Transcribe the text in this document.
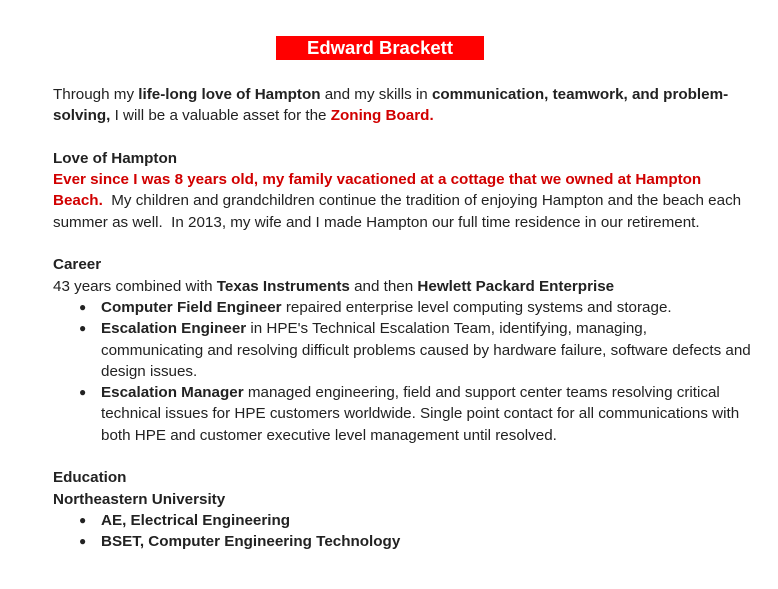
Edward Brackett

Through my life-long love of Hampton and my skills in communication, teamwork, and problem-solving, I will be a valuable asset for the Zoning Board.

Love of Hampton

Ever since I was 8 years old, my family vacationed at a cottage that we owned at Hampton Beach.  My children and grandchildren continue the tradition of enjoying Hampton and the beach each summer as well.  In 2013, my wife and I made Hampton our full time residence in our retirement.

Career

43 years combined with Texas Instruments and then Hewlett Packard Enterprise

● Computer Field Engineer repaired enterprise level computing systems and storage.
● Escalation Engineer in HPE's Technical Escalation Team, identifying, managing, communicating and resolving difficult problems caused by hardware failure, software defects and design issues.
● Escalation Manager managed engineering, field and support center teams resolving critical technical issues for HPE customers worldwide. Single point contact for all communications with both HPE and customer executive level management until resolved.

Education

Northeastern University

● AE, Electrical Engineering
● BSET, Computer Engineering Technology
